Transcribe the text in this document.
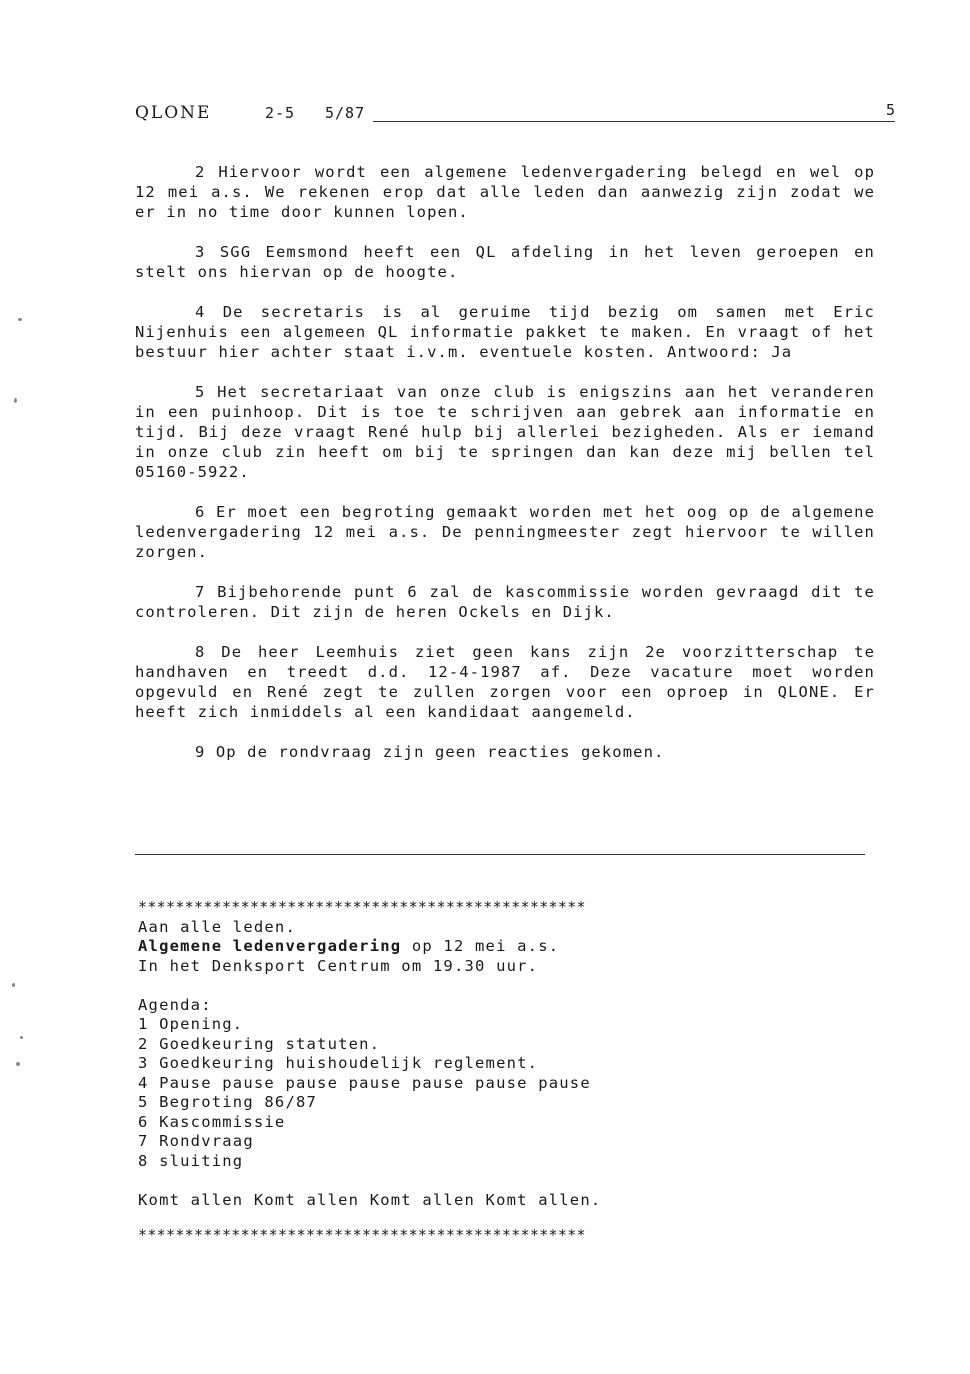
QLONE	2-5 5/87	5

2 Hiervoor wordt een algemene ledenvergadering belegd en wel op 12 mei a.s. We rekenen erop dat alle leden dan aanwezig zijn zodat we er in no time door kunnen lopen.

3 SGG Eemsmond heeft een QL afdeling in het leven geroepen en stelt ons hiervan op de hoogte.

4 De secretaris is al geruime tijd bezig om samen met Eric Nijenhuis een algemeen QL informatie pakket te maken. En vraagt of het bestuur hier achter staat i.v.m. eventuele kosten. Antwoord: Ja

5 Het secretariaat van onze club is enigszins aan het veranderen in een puinhoop. Dit is toe te schrijven aan gebrek aan informatie en tijd. Bij deze vraagt René hulp bij allerlei bezigheden. Als er iemand in onze club zin heeft om bij te springen dan kan deze mij bellen tel 05160-5922.

6 Er moet een begroting gemaakt worden met het oog op de algemene ledenvergadering 12 mei a.s. De penningmeester zegt hiervoor te willen zorgen.

7 Bijbehorende punt 6 zal de kascommissie worden gevraagd dit te controleren. Dit zijn de heren Ockels en Dijk.

8 De heer Leemhuis ziet geen kans zijn 2e voorzitterschap te handhaven en treedt d.d. 12-4-1987 af. Deze vacature moet worden opgevuld en René zegt te zullen zorgen voor een oproep in QLONE. Er heeft zich inmiddels al een kandidaat aangemeld.

9 Op de rondvraag zijn geen reacties gekomen.

************************************************
Aan alle leden.
Algemene ledenvergadering op 12 mei a.s.
In het Denksport Centrum om 19.30 uur.
Agenda:
1 Opening.
2 Goedkeuring statuten.
3 Goedkeuring huishoudelijk reglement.
4 Pause pause pause pause pause pause pause
5 Begroting 86/87
6 Kascommissie
7 Rondvraag
8 sluiting
Komt allen Komt allen Komt allen Komt allen.
************************************************
